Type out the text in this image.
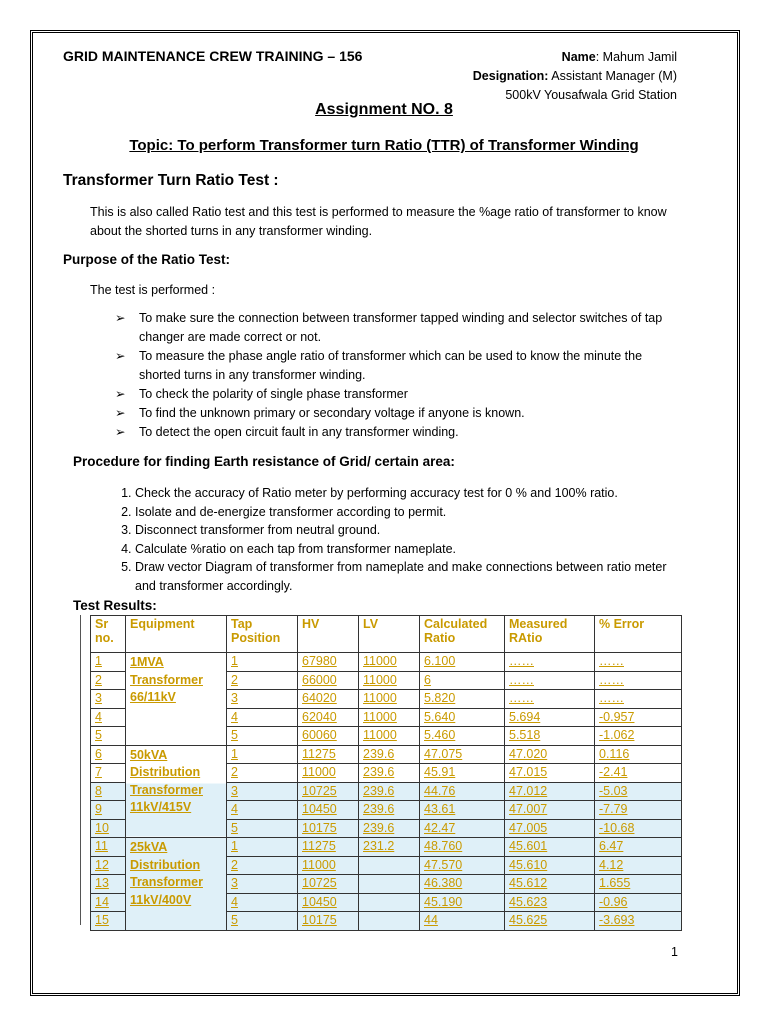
GRID MAINTENANCE CREW TRAINING – 156	Name: Mahum Jamil
Designation: Assistant Manager (M)
500kV Yousafwala Grid Station
Assignment NO. 8
Topic: To perform Transformer turn Ratio (TTR) of Transformer Winding
Transformer Turn Ratio Test :
This is also called Ratio test and this test is performed to measure the %age ratio of transformer to know about the shorted turns in any transformer winding.
Purpose of the Ratio Test:
The test is performed :
➢ To make sure the connection between transformer tapped winding and selector switches of tap changer are made correct or not.
➢ To measure the phase angle ratio of transformer which can be used to know the minute the shorted turns in any transformer winding.
➢ To check the polarity of single phase transformer
➢ To find the unknown primary or secondary voltage if anyone is known.
➢ To detect the open circuit fault in any transformer winding.
Procedure for finding Earth resistance of Grid/ certain area:
1. Check the accuracy of Ratio meter by performing accuracy test for 0 % and 100% ratio.
2. Isolate and de-energize transformer according to permit.
3. Disconnect transformer from neutral ground.
4. Calculate %ratio on each tap from transformer nameplate.
5. Draw vector Diagram of transformer from nameplate and make connections between ratio meter and transformer accordingly.
Test Results:
Sr no.	Equipment	Tap Position	HV	LV	Calculated Ratio	Measured RAtio	% Error
1	1MVA Transformer 66/11kV	1	67980	11000	6.100	……	……
2		2	66000	11000	6	……	……
3		3	64020	11000	5.820	……	……
4		4	62040	11000	5.640	5.694	-0.957
5		5	60060	11000	5.460	5.518	-1.062
6	50kVA Distribution Transformer 11kV/415V	1	11275	239.6	47.075	47.020	0.116
7		2	11000	239.6	45.91	47.015	-2.41
8		3	10725	239.6	44.76	47.012	-5.03
9		4	10450	239.6	43.61	47.007	-7.79
10		5	10175	239.6	42.47	47.005	-10.68
11	25kVA Distribution Transformer 11kV/400V	1	11275	231.2	48.760	45.601	6.47
12		2	11000		47.570	45.610	4.12
13		3	10725		46.380	45.612	1.655
14		4	10450		45.190	45.623	-0.96
15		5	10175		44	45.625	-3.693
1
